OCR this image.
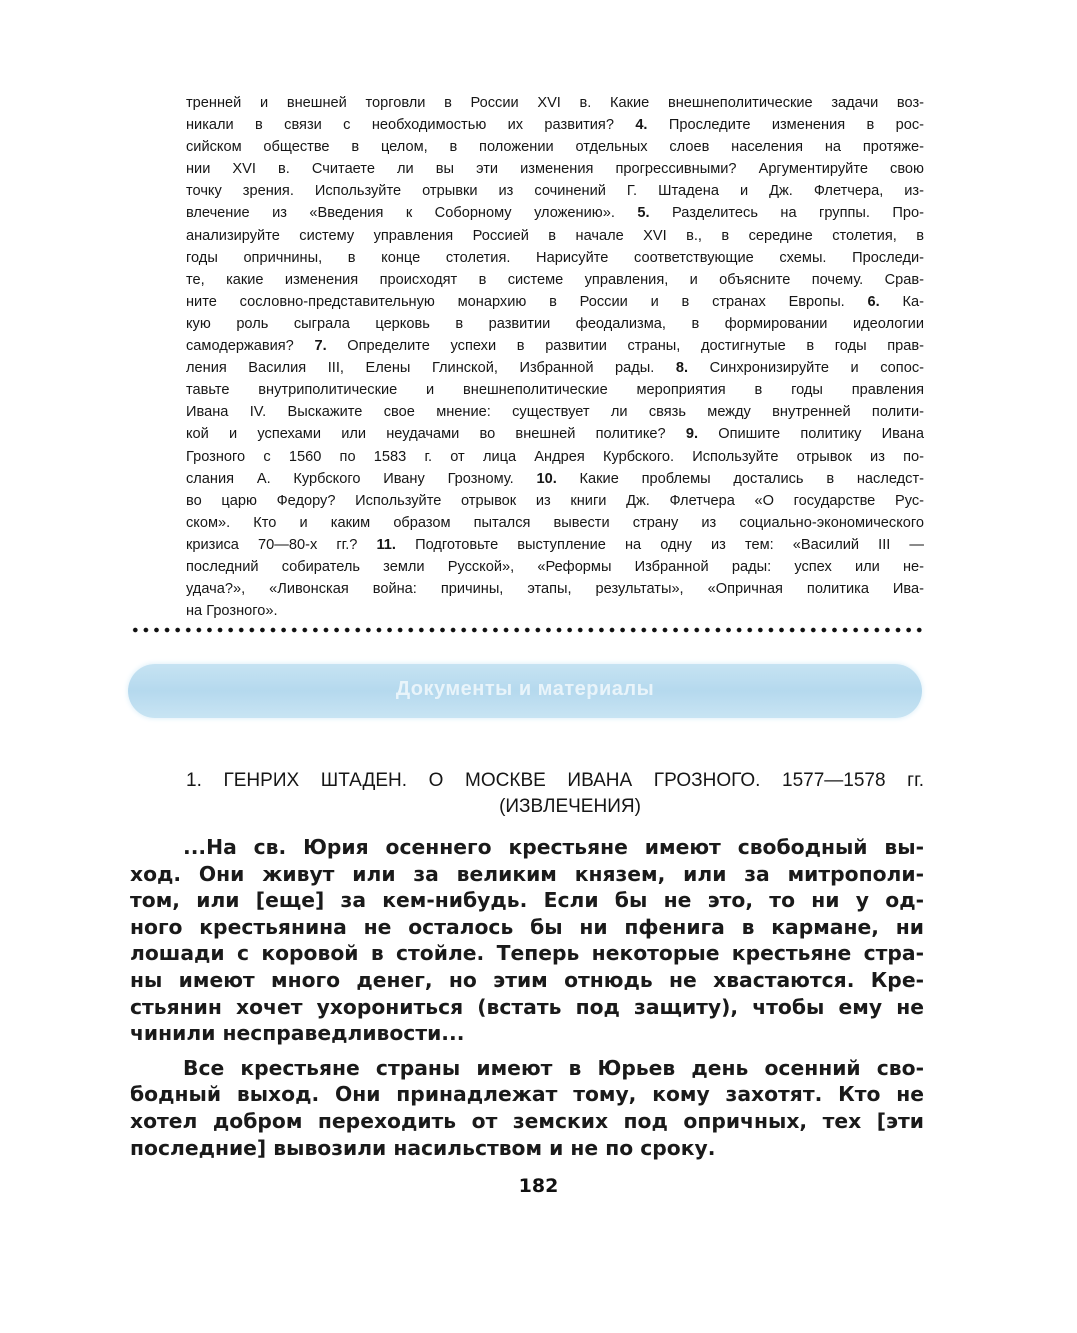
тренней и внешней торговли в России XVI в. Какие внешнеполитические задачи воз-
никали в связи с необходимостью их развития? 4. Проследите изменения в рос-
сийском обществе в целом, в положении отдельных слоев населения на протяже-
нии XVI в. Считаете ли вы эти изменения прогрессивными? Аргументируйте свою
точку зрения. Используйте отрывки из сочинений Г. Штадена и Дж. Флетчера, из-
влечение из «Введения к Соборному уложению». 5. Разделитесь на группы. Про-
анализируйте систему управления Россией в начале XVI в., в середине столетия, в
годы опричнины, в конце столетия. Нарисуйте соответствующие схемы. Проследи-
те, какие изменения происходят в системе управления, и объясните почему. Срав-
ните сословно-представительную монархию в России и в странах Европы. 6. Ка-
кую роль сыграла церковь в развитии феодализма, в формировании идеологии
самодержавия? 7. Определите успехи в развитии страны, достигнутые в годы прав-
ления Василия III, Елены Глинской, Избранной рады. 8. Синхронизируйте и сопос-
тавьте внутриполитические и внешнеполитические мероприятия в годы правления
Ивана IV. Выскажите свое мнение: существует ли связь между внутренней полити-
кой и успехами или неудачами во внешней политике? 9. Опишите политику Ивана
Грозного с 1560 по 1583 г. от лица Андрея Курбского. Используйте отрывок из по-
слания А. Курбского Ивану Грозному. 10. Какие проблемы достались в наследст-
во царю Федору? Используйте отрывок из книги Дж. Флетчера «О государстве Рус-
ском». Кто и каким образом пытался вывести страну из социально-экономического
кризиса 70—80-х гг.? 11. Подготовьте выступление на одну из тем: «Василий III —
последний собиратель земли Русской», «Реформы Избранной рады: успех или не-
удача?», «Ливонская война: причины, этапы, результаты», «Опричная политика Ива-
на Грозного».
Документы и материалы
1. ГЕНРИХ ШТАДЕН. О МОСКВЕ ИВАНА ГРОЗНОГО. 1577—1578 гг.
(ИЗВЛЕЧЕНИЯ)
...На св. Юрия осеннего крестьяне имеют свободный вы-
ход. Они живут или за великим князем, или за митрополи-
том, или [еще] за кем-нибудь. Если бы не это, то ни у од-
ного крестьянина не осталось бы ни пфенига в кармане, ни
лошади с коровой в стойле. Теперь некоторые крестьяне стра-
ны имеют много денег, но этим отнюдь не хвастаются. Кре-
стьянин хочет ухорониться (встать под защиту), чтобы ему не
чинили несправедливости...
Все крестьяне страны имеют в Юрьев день осенний сво-
бодный выход. Они принадлежат тому, кому захотят. Кто не
хотел добром переходить от земских под опричных, тех [эти
последние] вывозили насильством и не по сроку.
182
